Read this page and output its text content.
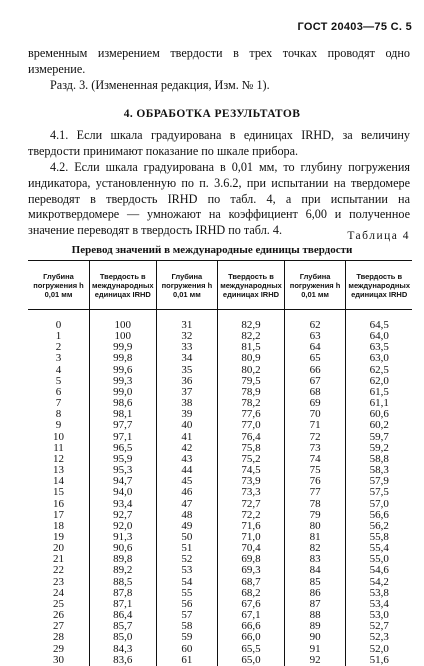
ГОСТ 20403—75 С. 5
временным измерением твердости в трех точках проводят одно измерение.
Разд. 3. (Измененная редакция, Изм. № 1).
4. ОБРАБОТКА РЕЗУЛЬТАТОВ
4.1. Если шкала градуирована в единицах IRHD, за величину твердости принимают показание по шкале прибора.
4.2. Если шкала градуирована в 0,01 мм, то глубину погружения индикатора, установленную по п. 3.6.2, при испытании на твердомере переводят в твердость IRHD по табл. 4, а при испытании на микротвердомере — умножают на коэффициент 6,00 и полученное значение переводят в твердость IRHD по табл. 4.	Таблица 4
Перевод значений в международные единицы твердости
Глубина погружения h 0,01 мм	Твердость в международных единицах IRHD	Глубина погружения h 0,01 мм	Твердость в международных единицах IRHD	Глубина погружения h 0,01 мм	Твердость в международных единицах IRHD
0	100	31	82,9	62	64,5
1	100	32	82,2	63	64,0
2	99,9	33	81,5	64	63,5
3	99,8	34	80,9	65	63,0
4	99,6	35	80,2	66	62,5
5	99,3	36	79,5	67	62,0
6	99,0	37	78,9	68	61,5
7	98,6	38	78,2	69	61,1
8	98,1	39	77,6	70	60,6
9	97,7	40	77,0	71	60,2
10	97,1	41	76,4	72	59,7
11	96,5	42	75,8	73	59,2
12	95,9	43	75,2	74	58,8
13	95,3	44	74,5	75	58,3
14	94,7	45	73,9	76	57,9
15	94,0	46	73,3	77	57,5
16	93,4	47	72,7	78	57,0
17	92,7	48	72,2	79	56,6
18	92,0	49	71,6	80	56,2
19	91,3	50	71,0	81	55,8
20	90,6	51	70,4	82	55,4
21	89,8	52	69,8	83	55,0
22	89,2	53	69,3	84	54,6
23	88,5	54	68,7	85	54,2
24	87,8	55	68,2	86	53,8
25	87,1	56	67,6	87	53,4
26	86,4	57	67,1	88	53,0
27	85,7	58	66,6	89	52,7
28	85,0	59	66,0	90	52,3
29	84,3	60	65,5	91	52,0
30	83,6	61	65,0	92	51,6
